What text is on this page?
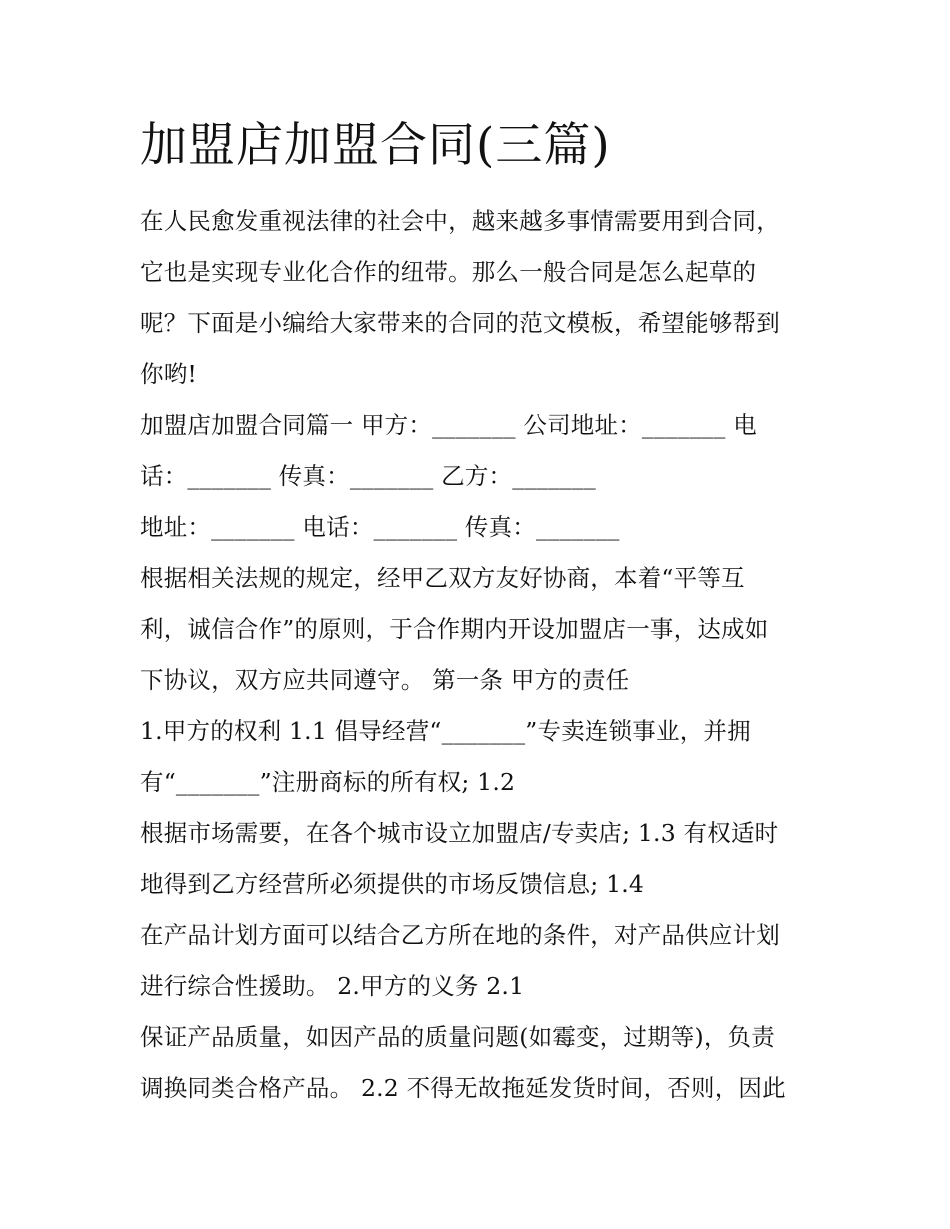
加盟店加盟合同(三篇)
在人民愈发重视法律的社会中，越来越多事情需要用到合同，
它也是实现专业化合作的纽带。那么一般合同是怎么起草的
呢？下面是小编给大家带来的合同的范文模板，希望能够帮到
你哟!
加盟店加盟合同篇一 甲方：_______ 公司地址：_______ 电
话：_______ 传真：_______ 乙方：_______
地址：_______ 电话：_______ 传真：_______
根据相关法规的规定，经甲乙双方友好协商，本着“平等互
利，诚信合作”的原则，于合作期内开设加盟店一事，达成如
下协议，双方应共同遵守。 第一条 甲方的责任
1.甲方的权利 1.1 倡导经营“_______”专卖连锁事业，并拥
有“_______”注册商标的所有权; 1.2
根据市场需要，在各个城市设立加盟店/专卖店; 1.3 有权适时
地得到乙方经营所必须提供的市场反馈信息; 1.4
在产品计划方面可以结合乙方所在地的条件，对产品供应计划
进行综合性援助。 2.甲方的义务 2.1
保证产品质量，如因产品的质量问题(如霉变，过期等)，负责
调换同类合格产品。 2.2 不得无故拖延发货时间，否则，因此
